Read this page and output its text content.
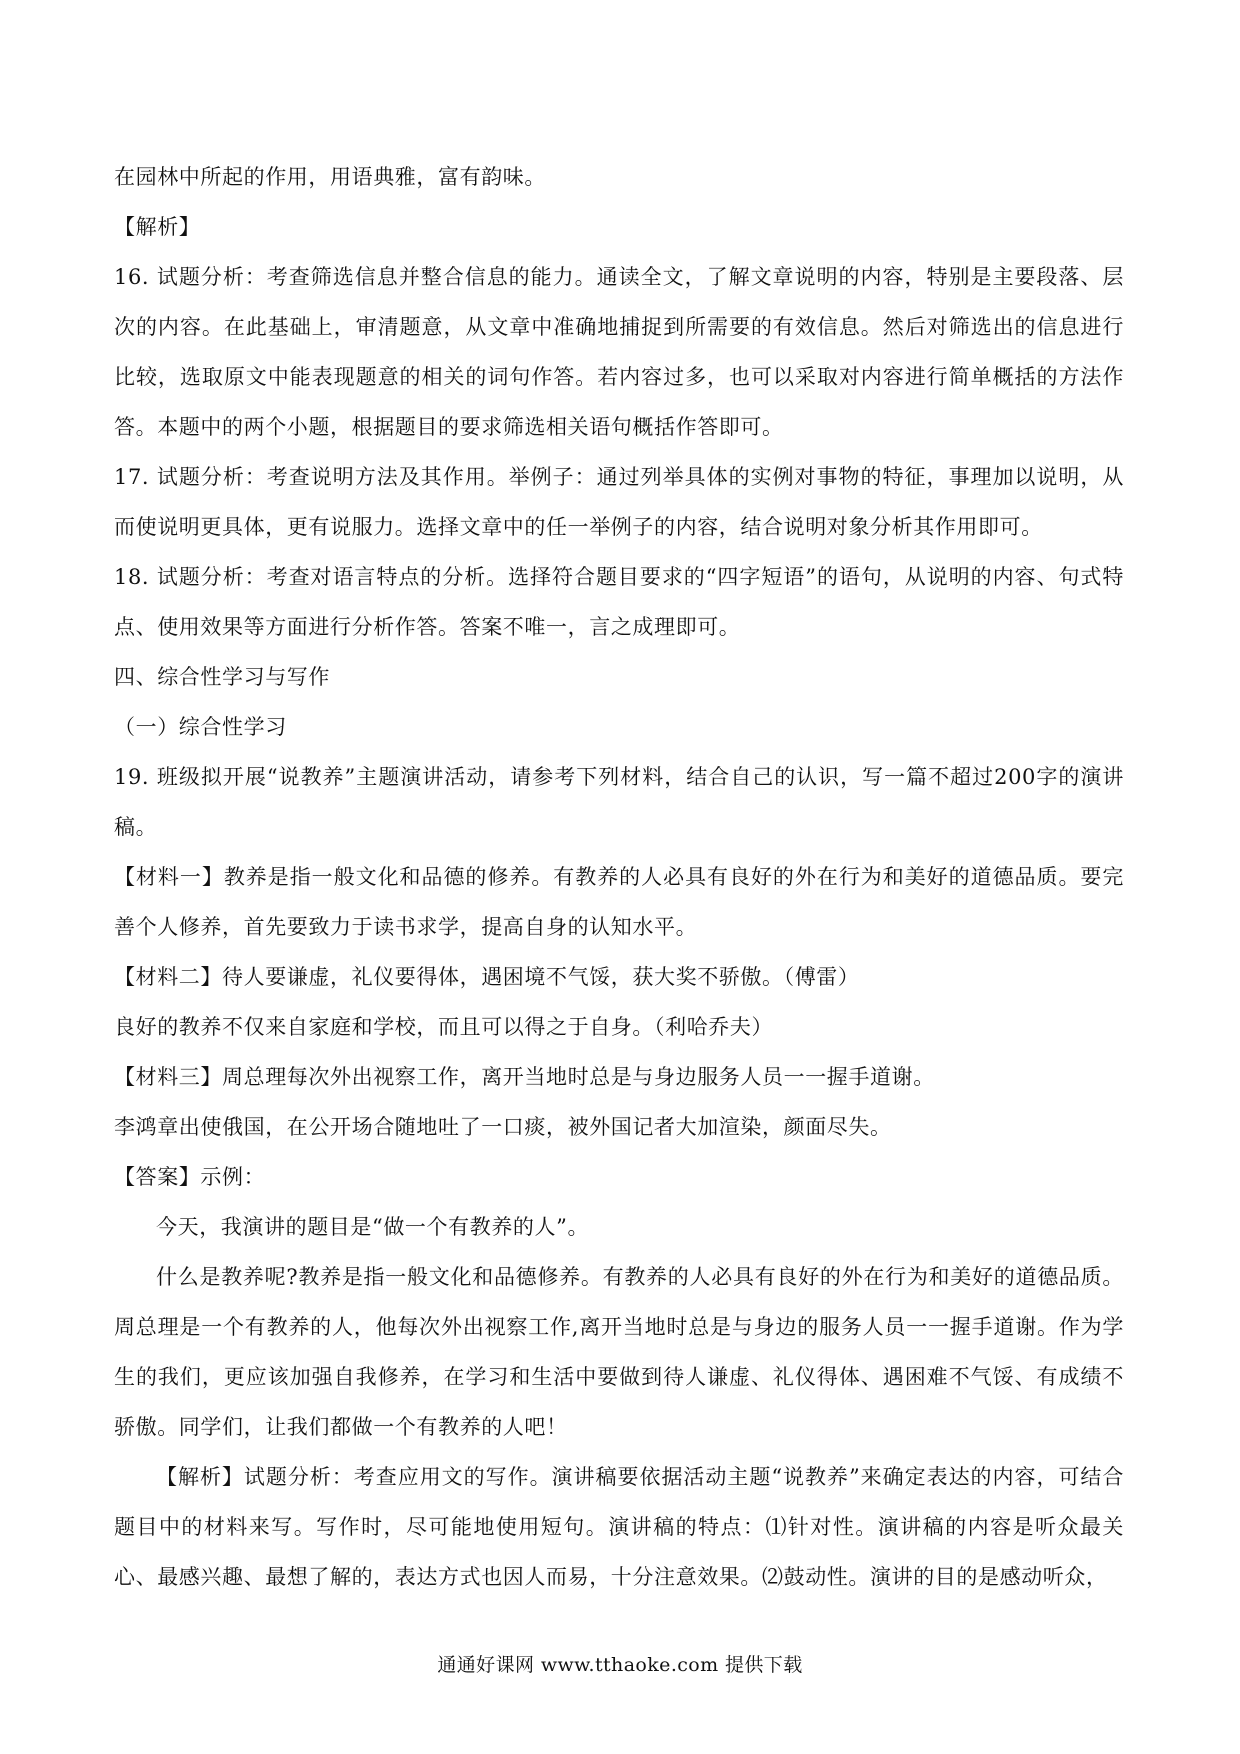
在园林中所起的作用，用语典雅，富有韵味。

【解析】

16. 试题分析：考查筛选信息并整合信息的能力。通读全文，了解文章说明的内容，特别是主要段落、层次的内容。在此基础上，审清题意，从文章中准确地捕捉到所需要的有效信息。然后对筛选出的信息进行比较，选取原文中能表现题意的相关的词句作答。若内容过多，也可以采取对内容进行简单概括的方法作答。本题中的两个小题，根据题目的要求筛选相关语句概括作答即可。

17. 试题分析：考查说明方法及其作用。举例子：通过列举具体的实例对事物的特征，事理加以说明，从而使说明更具体，更有说服力。选择文章中的任一举例子的内容，结合说明对象分析其作用即可。

18. 试题分析：考查对语言特点的分析。选择符合题目要求的“四字短语”的语句，从说明的内容、句式特点、使用效果等方面进行分析作答。答案不唯一，言之成理即可。

四、综合性学习与写作

（一）综合性学习

19. 班级拟开展“说教养”主题演讲活动，请参考下列材料，结合自己的认识，写一篇不超过200字的演讲稿。

【材料一】教养是指一般文化和品德的修养。有教养的人必具有良好的外在行为和美好的道德品质。要完善个人修养，首先要致力于读书求学，提高自身的认知水平。

【材料二】待人要谦虚，礼仪要得体，遇困境不气馁，获大奖不骄傲。（傅雷）

良好的教养不仅来自家庭和学校，而且可以得之于自身。（利哈乔夫）

【材料三】周总理每次外出视察工作，离开当地时总是与身边服务人员一一握手道谢。

李鸿章出使俄国，在公开场合随地吐了一口痰，被外国记者大加渲染，颜面尽失。

【答案】示例：

今天，我演讲的题目是“做一个有教养的人”。

什么是教养呢?教养是指一般文化和品德修养。有教养的人必具有良好的外在行为和美好的道德品质。周总理是一个有教养的人，他每次外出视察工作,离开当地时总是与身边的服务人员一一握手道谢。作为学生的我们，更应该加强自我修养，在学习和生活中要做到待人谦虚、礼仪得体、遇困难不气馁、有成绩不骄傲。同学们，让我们都做一个有教养的人吧！

【解析】试题分析：考查应用文的写作。演讲稿要依据活动主题“说教养”来确定表达的内容，可结合题目中的材料来写。写作时，尽可能地使用短句。演讲稿的特点：⑴针对性。演讲稿的内容是听众最关心、最感兴趣、最想了解的，表达方式也因人而易，十分注意效果。⑵鼓动性。演讲的目的是感动听众，

通通好课网 www.tthaoke.com 提供下载
